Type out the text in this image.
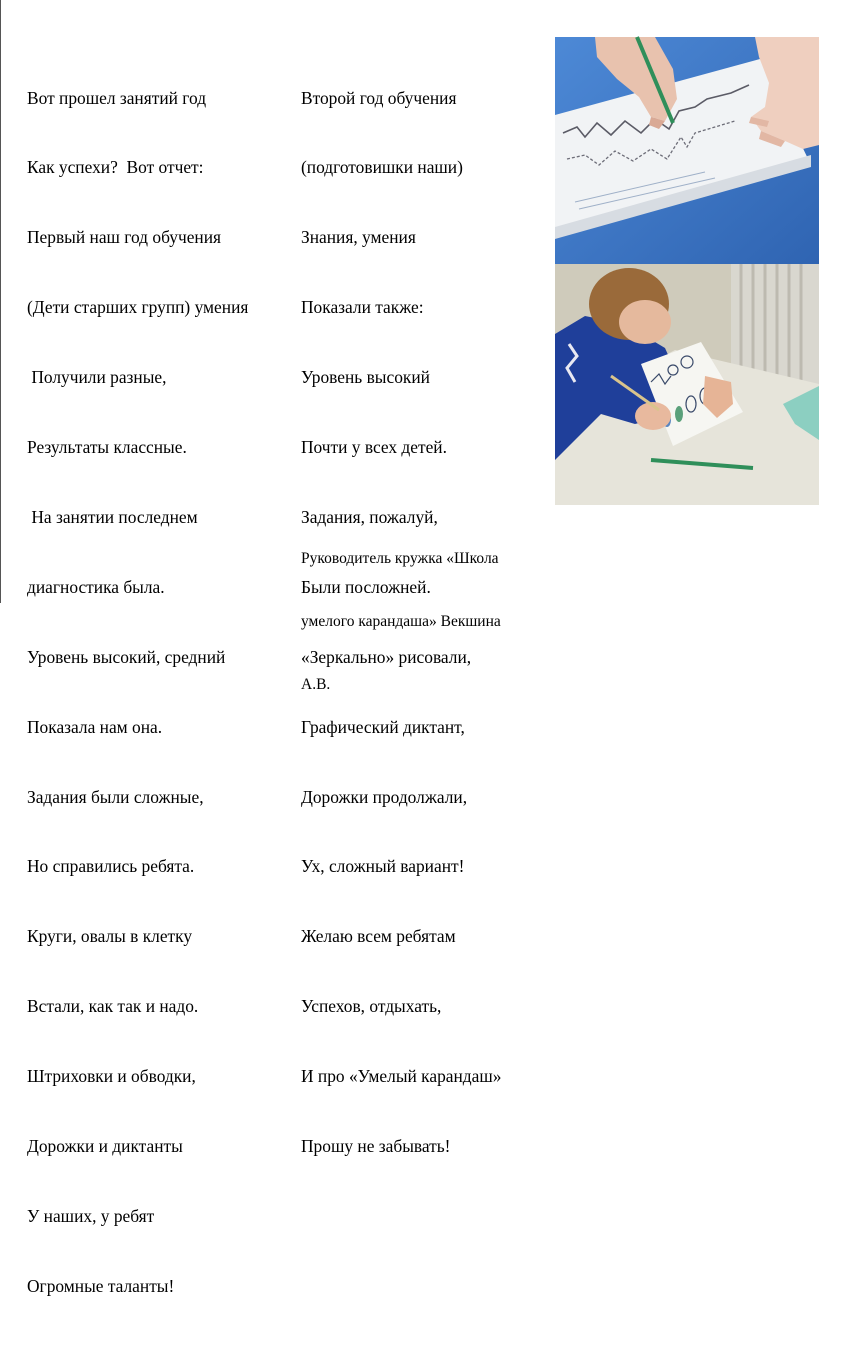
Вот прошел занятий год

Как успехи?  Вот отчет:

Первый наш год обучения

(Дети старших групп) умения

Получили разные,

Результаты классные.

На занятии последнем

диагностика была.

Уровень высокий, средний

Показала нам она.

Задания были сложные,

Но справились ребята.

Круги, овалы в клетку

Встали, как так и надо.

Штриховки и обводки,

Дорожки и диктанты

У наших, у ребят

Огромные таланты!

Второй год обучения

(подготовишки наши)

Знания, умения

Показали также:

Уровень высокий

Почти у всех детей.

Задания, пожалуй,

Были посложней.

«Зеркально» рисовали,

Графический диктант,

Дорожки продолжали,

Ух, сложный вариант!

Желаю всем ребятам

Успехов, отдыхать,

И про «Умелый карандаш»

Прошу не забывать!

Руководитель кружка «Школа

умелого карандаша» Векшина

А.В.
